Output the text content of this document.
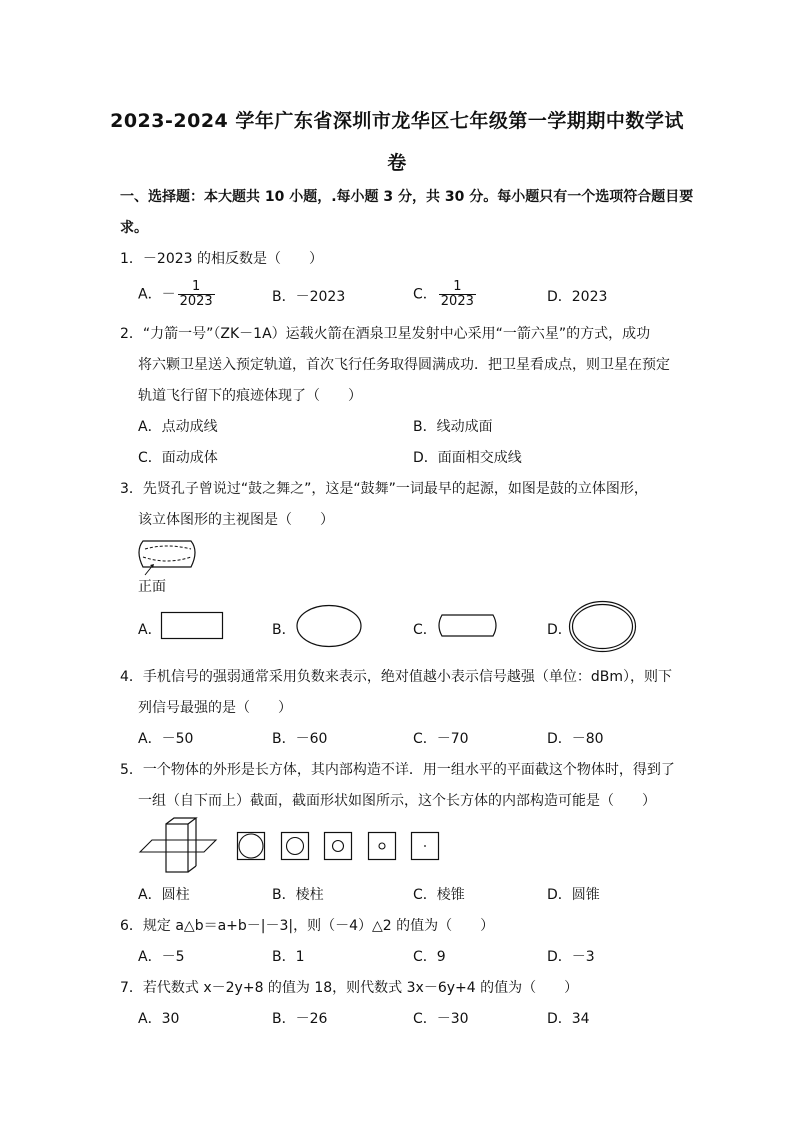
2023-2024 学年广东省深圳市龙华区七年级第一学期期中数学试
卷
一、选择题：本大题共 10 小题，.每小题 3 分，共 30 分。每小题只有一个选项符合题目要
求。
1．－2023 的相反数是（　　）
A．－ $\frac{1}{2023}$	B．－2023	C． $\frac{1}{2023}$	D．2023
2．“力箭一号”（ZK－1A）运载火箭在酒泉卫星发射中心采用“一箭六星”的方式，成功
将六颗卫星送入预定轨道，首次飞行任务取得圆满成功．把卫星看成点，则卫星在预定
轨道飞行留下的痕迹体现了（　　）
A．点动成线	B．线动成面
C．面动成体	D．面面相交成线
3．先贤孔子曾说过“鼓之舞之”，这是“鼓舞”一词最早的起源，如图是鼓的立体图形，
该立体图形的主视图是（　　）
正面
A．	B．	C．	D．
4．手机信号的强弱通常采用负数来表示，绝对值越小表示信号越强（单位：dBm），则下
列信号最强的是（　　）
A．－50	B．－60	C．－70	D．－80
5．一个物体的外形是长方体，其内部构造不详．用一组水平的平面截这个物体时，得到了
一组（自下而上）截面，截面形状如图所示，这个长方体的内部构造可能是（　　）
A．圆柱	B．棱柱	C．棱锥	D．圆锥
6．规定 a△b＝a+b－|－3|，则（－4）△2 的值为（　　）
A．－5	B．1	C．9	D．－3
7．若代数式 x－2y+8 的值为 18，则代数式 3x－6y+4 的值为（　　）
A．30	B．－26	C．－30	D．34
